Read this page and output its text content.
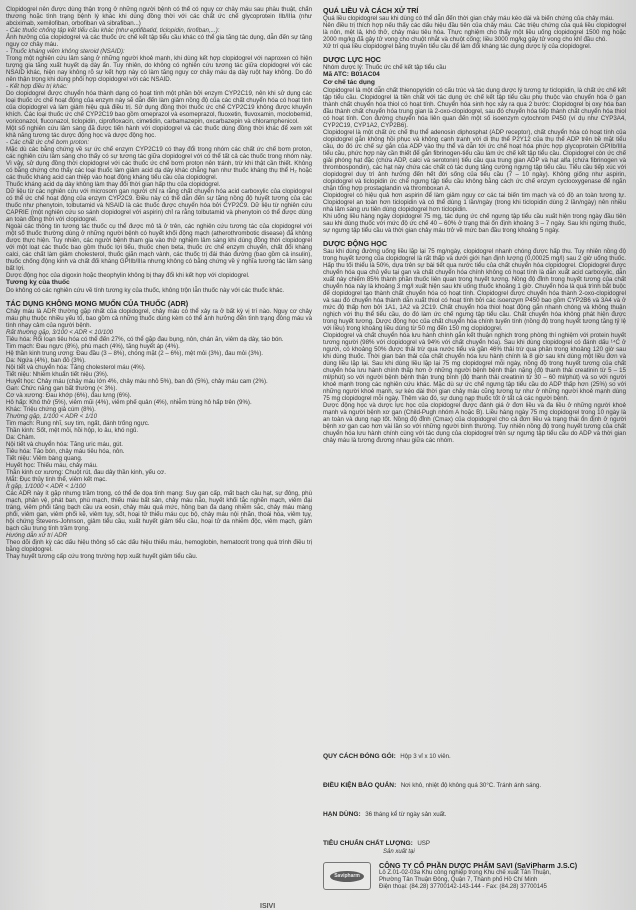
Clopidogrel nên được dùng thận trọng ở những người bệnh có thể có nguy cơ chảy máu sau phẫu thuật, chấn thương hoặc tình trạng bệnh lý khác khi dùng đồng thời với các chất ức chế glycoprotein IIb/IIIa (như abciximab, xemilofiban, orbofiban và sibrafiban...)

- Các thuốc chống tập kết tiểu cầu khác (như eptifibatid, ticlopidin, tirofiban,...):

Ảnh hưởng của clopidogrel và các thuốc ức chế kết tập tiểu cầu khác có thể gia tăng tác dụng, dẫn đến sự tăng nguy cơ chảy máu.

- Thuốc kháng viêm không steroid (NSAID):

Trong một nghiên cứu lâm sàng ở những người khoẻ mạnh, khi dùng kết hợp clopidogrel với naproxen có hiện tượng gia tăng xuất huyết dạ dày ẩn. Tuy nhiên, do không có nghiên cứu tương tác giữa clopidogrel với các NSAID khác, hiện nay không rõ sự kết hợp này có làm tăng nguy cơ chảy máu dạ dày ruột hay không. Do đó nên thận trọng khi dùng phối hợp clopidogrel với các NSAID.

- Kết hợp điều trị khác:

Do clopidogrel được chuyển hóa thành dạng có hoạt tính một phần bởi enzym CYP2C19, nên khi sử dụng các loại thuốc ức chế hoạt động của enzym này sẽ dẫn đến làm giảm nồng độ của các chất chuyển hóa có hoạt tính của clopidogrel và làm giảm hiệu quả điều trị. Sử dụng đồng thời thuốc ức chế CYP2C19 không được khuyến khích. Các loại thuốc ức chế CYP2C19 bao gồm omeprazol và esomeprazol, fluoxetin, fluvoxamin, moclobemid, voriconazol, fluconazol, ticlopidin, ciprofloxacin, cimetidin, carbamazepin, oxcarbazepin và chloramphenicol.

Một số nghiên cứu lâm sàng đã được tiến hành với clopidogrel và các thuốc dùng đồng thời khác để xem xét khả năng tương tác dược động học và dược động học.

- Các chất ức chế bơm proton:

Mặc dù các bằng chứng về sự ức chế enzym CYP2C19 có thay đổi trong nhóm các chất ức chế bơm proton, các nghiên cứu lâm sàng cho thấy có sự tương tác giữa clopidogrel với có thể tất cả các thuốc trong nhóm này. Vì vậy, sử dụng đồng thời clopidogrel với các thuốc ức chế bơm proton nên tránh, trừ khi thật cần thiết. Không có bằng chứng cho thấy các loại thuốc làm giảm acid dạ dày khác chẳng hạn như thuốc kháng thụ thể H₂ hoặc các thuốc kháng acid can thiệp vào hoạt động kháng tiểu cầu của clopidogrel.

Thuốc kháng acid dạ dày không làm thay đổi thời gian hấp thu của clopidogrel.

Dữ liệu từ các nghiên cứu với microsom gan người chỉ ra rằng chất chuyển hóa acid carboxylic của clopidogrel có thể ức chế hoạt động của enzym CYP2C9. Điều này có thể dẫn đến sự tăng nồng độ huyết tương của các thuốc như phenytoin, tolbutamid và NSAID là các thuốc được chuyển hóa bởi CYP2C9. Dữ liệu từ nghiên cứu CAPRIE (một nghiên cứu so sánh clopidogrel với aspirin) chỉ ra rằng tolbutamid và phenytoin có thể được dùng an toàn đồng thời với clopidogrel.

Ngoài các thông tin tương tác thuốc cụ thể được mô tả ở trên, các nghiên cứu tương tác của clopidogrel với một số thuốc thường dùng ở những người bệnh có huyết khối động mạch (atherothrombotic disease) đã không được thực hiện. Tuy nhiên, các người bệnh tham gia vào thử nghiệm lâm sàng khi dùng đồng thời clopidogrel với một loạt các thuốc bao gồm thuốc lợi tiểu, thuốc chẹn beta, thuốc ức chế enzym chuyển, chất đối kháng calci, các chất làm giảm cholesterol, thuốc giãn mạch vành, các thuốc trị đái tháo đường (bao gồm cả insulin), thuốc chống động kinh và chất đối kháng GPIIb/IIIa nhưng không có bằng chứng về ý nghĩa tương tác lâm sàng bất lợi.

Dược động học của digoxin hoặc theophylin không bị thay đổi khi kết hợp với clopidogrel.

Tương kỵ của thuốc

Do không có các nghiên cứu về tính tương kỵ của thuốc, không trộn lẫn thuốc này với các thuốc khác.

TÁC DỤNG KHÔNG MONG MUỐN CỦA THUỐC (ADR)

Chảy máu là ADR thường gặp nhất của clopidogrel, chảy máu có thể xảy ra ở bất kỳ vị trí nào. Nguy cơ chảy máu phụ thuộc nhiều yếu tố, bao gồm cả những thuốc dùng kèm có thể ảnh hưởng đến tình trạng đông máu và tình nhạy cảm của người bệnh.

Rất thường gặp, 3/100 < ADR < 10/100

Tiêu hóa: Rối loạn tiêu hóa có thể đến 27%, có thể gặp đau bụng, nôn, chán ăn, viêm dạ dày, táo bón.

Tim mạch: Đau ngực (8%), phù mạch (4%), tăng huyết áp (4%).

Hệ thần kinh trung ương: Đau đầu (3 – 8%), chóng mặt (2 – 6%), mệt mỏi (3%), đau mỏi (3%).

Da: Ngứa (4%), ban đỏ (3%).

Nội tiết và chuyển hóa: Tăng cholesterol máu (4%).

Tiết niệu: Nhiễm khuẩn tiết niệu (3%).

Huyết học: Chảy máu (chảy máu lớn 4%, chảy máu nhỏ 5%), ban đỏ (5%), chảy máu cam (2%).

Gan: Chức năng gan bất thường (< 3%).

Cơ và xương: Đau khớp (6%), đau lưng (6%).

Hô hấp: Khó thở (5%), viêm mũi (4%), viêm phế quản (4%), nhiễm trùng hô hấp trên (9%).

Khác: Triệu chứng giả cúm (8%).

Thường gặp, 1/100 < ADR < 1/10

Tim mạch: Rung nhĩ, suy tim, ngất, đánh trống ngực.

Thần kinh: Sốt, mệt mỏi, hồi hộp, lo âu, khó ngủ.

Da: Chàm.

Nội tiết và chuyển hóa: Tăng uric máu, gút.

Tiêu hóa: Táo bón, chảy máu tiêu hóa, nôn.

Tiết niệu: Viêm bàng quang.

Huyết học: Thiếu máu, chảy máu.

Thần kinh cơ xương: Chuột rút, đau dây thần kinh, yếu cơ.

Mắt: Đục thủy tinh thể, viêm kết mạc.

Ít gặp, 1/1000 < ADR < 1/100

Các ADR này ít gặp nhưng trầm trọng, có thể đe dọa tính mạng: Suy gan cấp, mất bạch cầu hạt, sự đông, phù mạch, phản vệ, phát ban, phù mạch, thiếu máu bất sản, chảy máu não, huyết khối tắc nghẽn mạch, viêm đại tràng, viêm phổi tăng bạch cầu ưa eosin, chảy máu quá mức, hồng ban đa dạng nhiễm sắc, chảy máu màng phổi, viêm gan, viêm phổi kẽ, viêm tụy, sốt, hoại tử thiếu máu cục bộ, chảy máu nội nhãn, thoái hóa, viêm tụy, hội chứng Stevens-Johnson, giảm tiểu cầu, xuất huyết giảm tiểu cầu, hoại tử da nhiễm độc, viêm mạch, giảm bạch cầu trung tính trầm trọng.

Hướng dẫn xử trí ADR

Theo dõi định kỳ các dấu hiệu thông số các dấu hiệu thiếu máu, hemoglobin, hematocrit trong quá trình điều trị bằng clopidogrel.

Thay huyết tương cấp cứu trong trường hợp xuất huyết giảm tiểu cầu.

QUÁ LIỀU VÀ CÁCH XỬ TRÍ

Quá liều clopidogrel sau khi dùng có thể dẫn đến thời gian chảy máu kéo dài và biến chứng của chảy máu.

Nên điều trị thích hợp nếu thấy các dấu hiệu đầu tiên của chảy máu. Các triệu chứng của quá liều clopidogrel là nôn, mệt lả, khó thở, chảy máu tiêu hóa. Thực nghiệm cho thấy một liều uống clopidogrel 1500 mg hoặc 2000 mg/kg đã gây tử vong cho chuột nhắt và chuột cống; liều 3000 mg/kg gây tử vong cho khỉ đầu chó.

Xử trí quá liều clopidogrel bằng truyền tiểu cầu để làm đối kháng tác dụng dược lý của clopidogrel.

DƯỢC LỰC HỌC
Nhóm dược lý: Thuốc ức chế kết tập tiểu cầu
Mã ATC: B01AC04
Cơ chế tác dụng

Clopidogrel là một dẫn chất thienopyridin có cấu trúc và tác dụng dược lý tương tự ticlopidin, là chất ức chế kết tập tiểu cầu. Clopidogrel là tiền chất với tác dụng ức chế kết tập tiểu cầu phụ thuộc vào chuyển hóa ở gan thành chất chuyển hóa thiol có hoạt tính. Chuyển hóa sinh học xảy ra qua 2 bước: Clopidogrel bị oxy hóa ban đầu thành chất chuyển hóa trung gian là 2-oxo-clopidogrel, sau đó chuyển hóa tiếp thành chất chuyển hóa thiol có hoạt tính. Con đường chuyển hóa liên quan đến một số isoenzym cytochrom P450 (ví dụ như CYP3A4, CYP2C19, CYP1A2, CYP2B6).

Clopidogrel là một chất ức chế thụ thể adenosin diphosphat (ADP receptor), chất chuyển hóa có hoạt tính của clopidogrel gắn không hồi phục và không cạnh tranh với di thụ thể P2Y12 của thụ thể ADP trên bề mặt tiểu cầu, do đó ức chế sự gắn của ADP vào thụ thể và dẫn tới ức chế hoạt hóa phức hợp glycoprotein GPIIb/IIIa tiểu cầu, phức hợp này cần thiết để gắn fibrinogen-tiểu cầu làm ức chế kết tập tiểu cầu. Clopidogrel còn ức chế giải phóng hạt đặc (chứa ADP, calci và serotonin) tiểu cầu qua trung gian ADP và hạt alfa (chứa fibrinogen và thrombospondin), các hạt này chứa các chất có tác dụng tăng cường ngưng tập tiểu cầu. Tiểu cầu tiếp xúc với clopidogrel duy trì ảnh hưởng đến hết đời sống của tiểu cầu (7 – 10 ngày). Không giống như aspirin, clopidogrel và ticlopidin ức chế ngưng tập tiểu cầu không bằng cách ức chế enzym cyclooxygenase để ngăn chặn tổng hợp prostaglandin và thromboxan A.

Clopidogrel có hiệu quả hơn aspirin để làm giảm nguy cơ các tai biến tim mạch và có độ an toàn tương tự. Clopidogrel an toàn hơn ticlopidin và có thể dùng 1 lần/ngày (trong khi ticlopidin dùng 2 lần/ngày) nên nhiều nhà lâm sàng ưu tiên dùng clopidogrel hơn ticlopidin.

Khi uống liều hàng ngày clopidogrel 75 mg, tác dụng ức chế ngưng tập tiểu cầu xuất hiện trong ngày đầu tiên sau khi dùng thuốc với mức độ ức chế 40 – 60% ở trạng thái ổn định khoảng 3 – 7 ngày. Sau khi ngừng thuốc, sự ngưng tập tiểu cầu và thời gian chảy máu trở về mức ban đầu trong khoảng 5 ngày.

DƯỢC ĐỘNG HỌC

Sau khi dùng đường uống liều lặp lại 75 mg/ngày, clopidogrel nhanh chóng được hấp thu. Tuy nhiên nồng độ trong huyết tương của clopidogrel là rất thấp và dưới giới hạn định lượng (0,00025 mg/l) sau 2 giờ uống thuốc. Hấp thu tối thiểu là 50%, dựa trên sự bài tiết qua nước tiểu của chất chuyển hóa clopidogrel. Clopidogrel được chuyển hóa qua chủ yếu tại gan và chất chuyển hóa chính không có hoạt tính là dẫn xuất acid carboxylic, dẫn xuất này chiếm 85% thành phần thuốc liên quan trong huyết tương. Nồng độ đỉnh trong huyết tương của chất chuyển hóa này là khoảng 3 mg/l xuất hiện sau khi uống thuốc khoảng 1 giờ. Chuyển hóa là quá trình bắt buộc để clopidogrel tạo thành chất chuyển hóa có hoạt tính. Clopidogrel được chuyển hóa thành 2-oxo-clopidogrel và sau đó chuyển hóa thành dẫn xuất thiol có hoạt tính bởi các isoenzym P450 bao gồm CYP2B6 và 3A4 và ở mức độ thấp hơn bởi 1A1, 1A2 và 2C19. Chất chuyển hóa thiol hoạt động gắn nhanh chóng và không thuận nghịch với thụ thể tiểu cầu, do đó làm ức chế ngưng tập tiểu cầu. Chất chuyển hóa không phát hiện được trong huyết tương. Dược động học của chất chuyển hóa chính tuyến tính (nồng độ trong huyết tương tăng tỷ lệ với liều) trong khoảng liều dùng từ 50 mg đến 150 mg clopidogrel.

Clopidogrel và chất chuyển hóa lưu hành chính gắn kết thuận nghịch trong phòng thí nghiệm với protein huyết tương người (98% với clopidogrel và 94% với chất chuyển hóa). Sau khi dùng clopidogrel có đánh dấu ¹⁴C ở người, có khoảng 50% được thải trừ qua nước tiểu và gần 46% thải trừ qua phân trong khoảng 120 giờ sau khi dùng thuốc. Thời gian bán thải của chất chuyển hóa lưu hành chính là 8 giờ sau khi dùng một liều đơn và dùng liều lặp lại. Sau khi dùng liều lặp lại 75 mg clopidogrel mỗi ngày, nồng độ trong huyết tương của chất chuyển hóa lưu hành chính thấp hơn ở những người bệnh bệnh thận nặng (độ thanh thải creatinin từ 5 – 15 ml/phút) so với người bệnh bệnh thận trung bình (độ thanh thải creatinin từ 30 – 60 ml/phút) và so với người khoẻ mạnh trong các nghiên cứu khác. Mặc dù sự ức chế ngưng tập tiểu cầu do ADP thấp hơn (25%) so với những người khoẻ mạnh, sự kéo dài thời gian chảy máu cũng tương tự như ở những người khoẻ mạnh dùng 75 mg clopidogrel mỗi ngày. Thêm vào đó, sự dung nạp thuốc tốt ở tất cả các người bệnh.

Dược động học và dược lực học của clopidogrel được đánh giá ở đơn liều và đa liều ở những người khoẻ mạnh và người bệnh xơ gan (Child-Pugh nhóm A hoặc B). Liều hàng ngày 75 mg clopidogrel trong 10 ngày là an toàn và dung nạp tốt. Nồng độ đỉnh (Cmax) của clopidogrel cho cả đơn liều và trạng thái ổn định ở người bệnh xơ gan cao hơn vài lần so với những người bình thường. Tuy nhiên nồng độ trong huyết tương của chất chuyển hóa lưu hành chính cùng với tác dụng của clopidogrel trên sự ngưng tập tiểu cầu do ADP và thời gian chảy máu là tương đương nhau giữa các nhóm.

QUY CÁCH ĐÓNG GÓI: Hộp 3 vỉ x 10 viên.
ĐIỀU KIỆN BẢO QUẢN: Nơi khô, nhiệt độ không quá 30°C. Tránh ánh sáng.
HẠN DÙNG: 36 tháng kể từ ngày sản xuất.
TIÊU CHUẨN CHẤT LƯỢNG: USP
Sản xuất tại
Savipharm
CÔNG TY CỔ PHẦN DƯỢC PHẨM SAVI (SaViPharm J.S.C)
Lô Z.01-02-03a Khu công nghiệp trong Khu chế xuất Tân Thuận,
Phường Tân Thuận Đông, Quận 7, Thành phố Hồ Chí Minh
Điện thoại: (84.28) 37700142-143-144 - Fax: (84.28) 37700145
ISIVI
